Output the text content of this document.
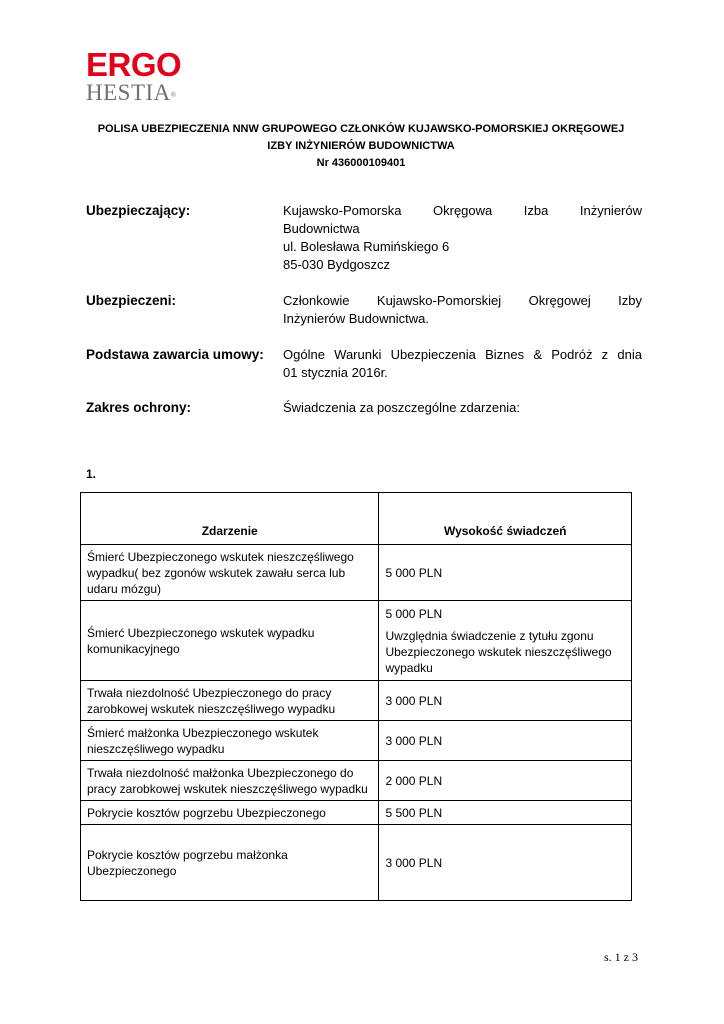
ERGO
HESTIA®
POLISA UBEZPIECZENIA NNW GRUPOWEGO CZŁONKÓW KUJAWSKO-POMORSKIEJ OKRĘGOWEJ
IZBY INŻYNIERÓW BUDOWNICTWA
Nr 436000109401
Ubezpieczający:	Kujawsko-Pomorska Okręgowa Izba Inżynierów
Budownictwa
ul. Bolesława Rumińskiego 6
85-030 Bydgoszcz
Ubezpieczeni:	Członkowie Kujawsko-Pomorskiej Okręgowej Izby
Inżynierów Budownictwa.
Podstawa zawarcia umowy: Ogólne Warunki Ubezpieczenia Biznes & Podróż z dnia
01 stycznia 2016r.
Zakres ochrony:	Świadczenia za poszczególne zdarzenia:
1.
Zdarzenie	Wysokość świadczeń
Śmierć Ubezpieczonego wskutek nieszczęśliwego wypadku( bez zgonów wskutek zawału serca lub udaru mózgu)	5 000 PLN
Śmierć Ubezpieczonego wskutek wypadku komunikacyjnego	5 000 PLN
Uwzględnia świadczenie z tytułu zgonu Ubezpieczonego wskutek nieszczęśliwego wypadku

Trwała niezdolność Ubezpieczonego do pracy zarobkowej wskutek nieszczęśliwego wypadku	3 000 PLN
Śmierć małżonka Ubezpieczonego wskutek nieszczęśliwego wypadku	3 000 PLN
Trwała niezdolność małżonka Ubezpieczonego do pracy zarobkowej wskutek nieszczęśliwego wypadku	2 000 PLN
Pokrycie kosztów pogrzebu Ubezpieczonego	5 500 PLN
Pokrycie kosztów pogrzebu małżonka Ubezpieczonego	3 000 PLN
s. 1 z 3
